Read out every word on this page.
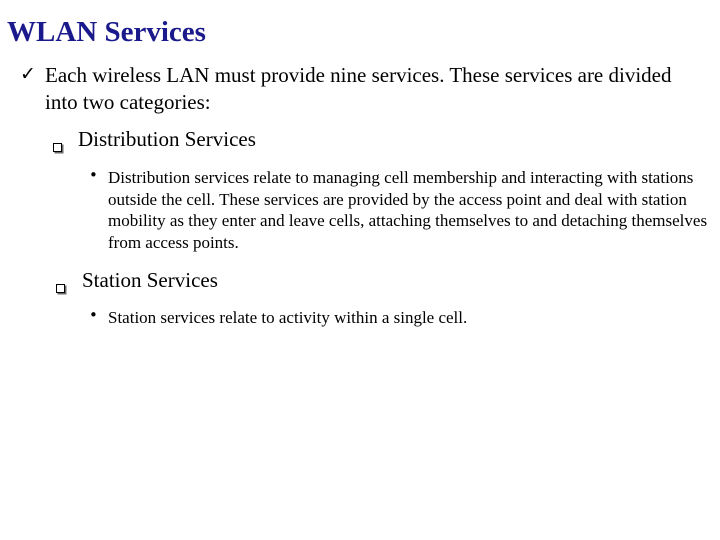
WLAN Services
✓ Each wireless LAN must provide nine services. These services are divided into two categories:
Distribution Services
• Distribution services relate to managing cell membership and interacting with stations outside the cell. These services are provided by the access point and deal with station mobility as they enter and leave cells, attaching themselves to and detaching themselves from access points.
Station Services
• Station services relate to activity within a single cell.
